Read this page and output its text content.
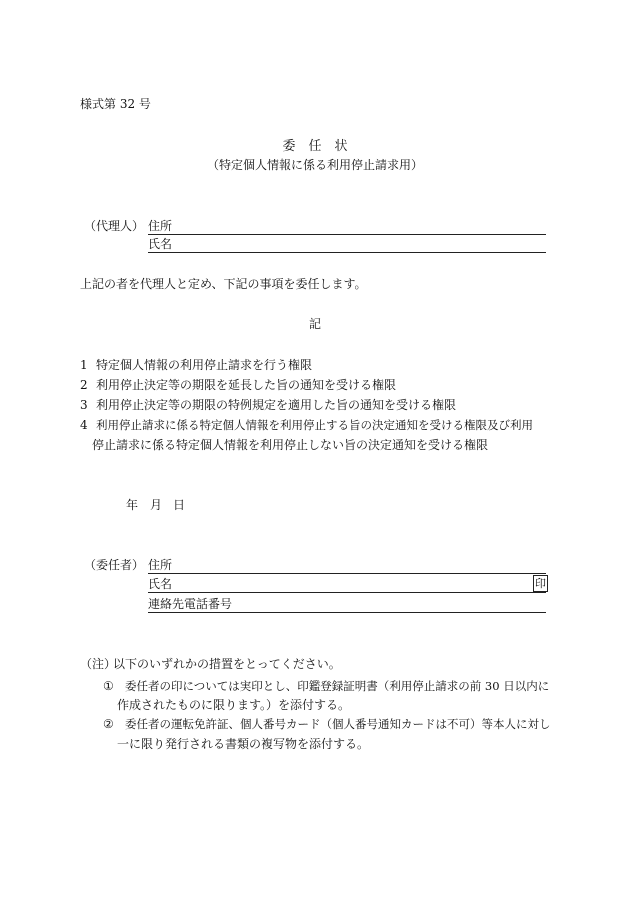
様式第 32 号
委　任　状
（特定個人情報に係る利用停止請求用）
（代理人） 住所
氏名
上記の者を代理人と定め、下記の事項を委任します。
記
1 特定個人情報の利用停止請求を行う権限
2 利用停止決定等の期限を延長した旨の通知を受ける権限
3 利用停止決定等の期限の特例規定を適用した旨の通知を受ける権限
4 利用停止請求に係る特定個人情報を利用停止する旨の決定通知を受ける権限及び利用
停止請求に係る特定個人情報を利用停止しない旨の決定通知を受ける権限
年 月 日
（委任者） 住所
氏名	印
連絡先電話番号
（注）
以下のいずれかの措置をとってください。
① 委任者の印については実印とし、印鑑登録証明書（利用停止請求の前 30 日以内に
作成されたものに限ります。）を添付する。
② 委任者の運転免許証、個人番号カード（個人番号通知カードは不可）等本人に対し
一に限り発行される書類の複写物を添付する。
